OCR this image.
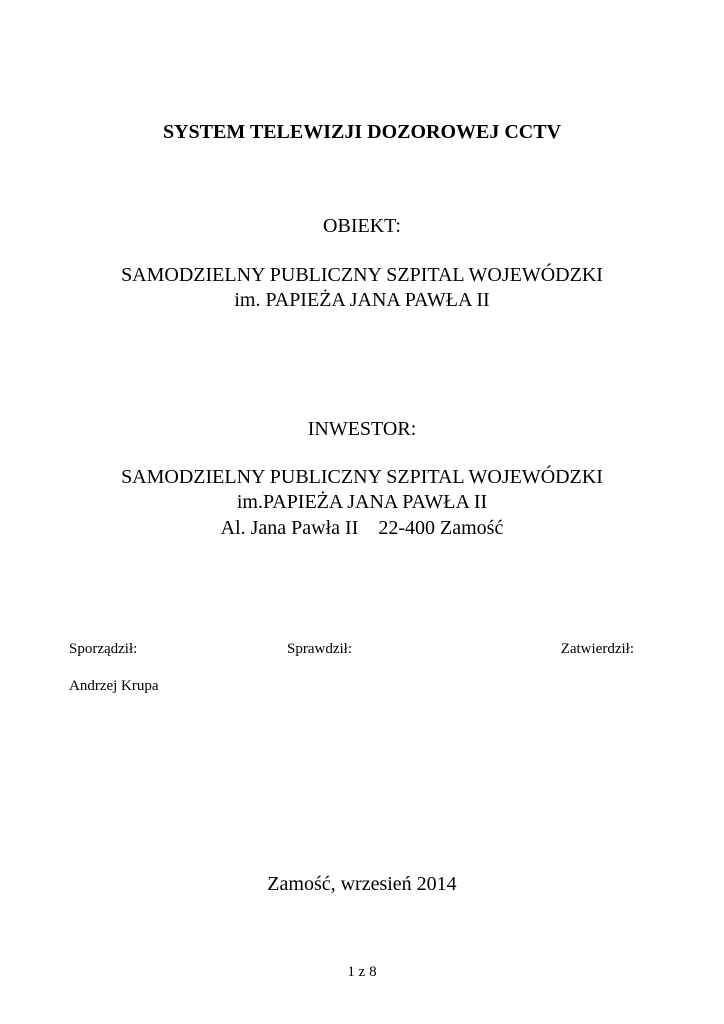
SYSTEM TELEWIZJI DOZOROWEJ CCTV
OBIEKT:
SAMODZIELNY PUBLICZNY SZPITAL WOJEWÓDZKI
im. PAPIEŻA JANA PAWŁA II
INWESTOR:
SAMODZIELNY PUBLICZNY SZPITAL WOJEWÓDZKI
im.PAPIEŻA JANA PAWŁA II
Al. Jana Pawła II    22-400 Zamość
Sporządził:	Sprawdził:	Zatwierdził:
Andrzej Krupa
Zamość, wrzesień 2014
1 z 8
